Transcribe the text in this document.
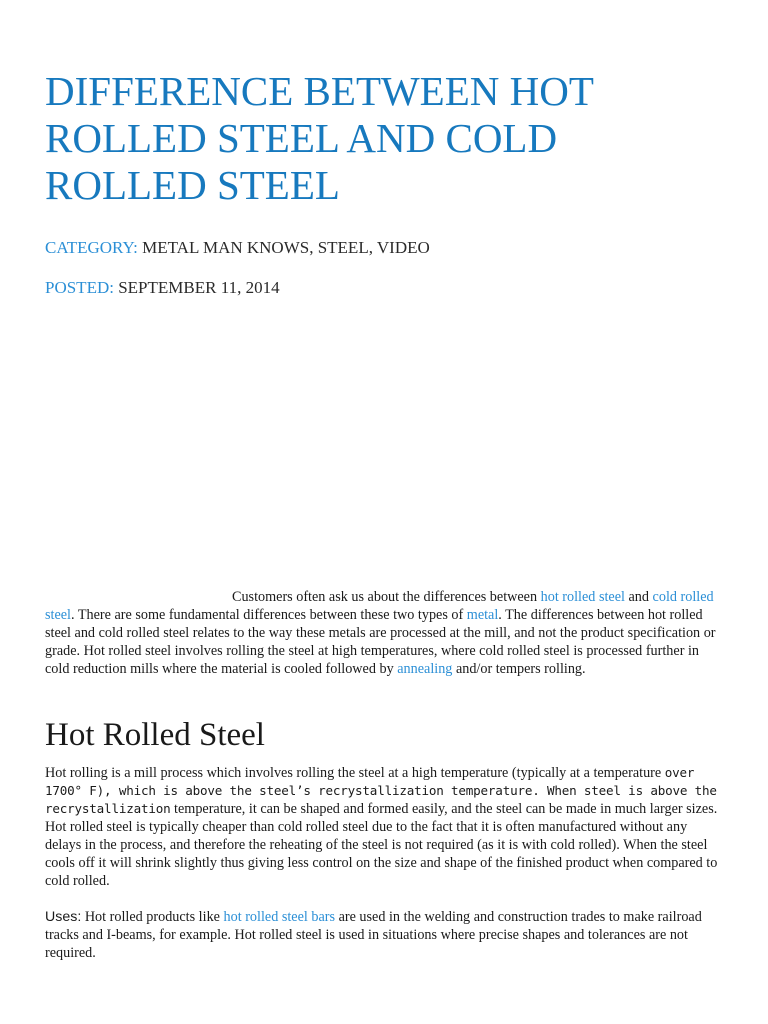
DIFFERENCE BETWEEN HOT ROLLED STEEL AND COLD ROLLED STEEL
CATEGORY: METAL MAN KNOWS, STEEL, VIDEO
POSTED: SEPTEMBER 11, 2014

Customers often ask us about the differences between hot rolled steel and cold rolled steel. There are some fundamental differences between these two types of metal. The differences between hot rolled steel and cold rolled steel relates to the way these metals are processed at the mill, and not the product specification or grade. Hot rolled steel involves rolling the steel at high temperatures, where cold rolled steel is processed further in cold reduction mills where the material is cooled followed by annealing and/or tempers rolling.

Hot Rolled Steel

Hot rolling is a mill process which involves rolling the steel at a high temperature (typically at a temperature over 1700° F), which is above the steel’s recrystallization temperature. When steel is above the recrystallization temperature, it can be shaped and formed easily, and the steel can be made in much larger sizes. Hot rolled steel is typically cheaper than cold rolled steel due to the fact that it is often manufactured without any delays in the process, and therefore the reheating of the steel is not required (as it is with cold rolled). When the steel cools off it will shrink slightly thus giving less control on the size and shape of the finished product when compared to cold rolled.

Uses: Hot rolled products like hot rolled steel bars are used in the welding and construction trades to make railroad tracks and I-beams, for example. Hot rolled steel is used in situations where precise shapes and tolerances are not required.
